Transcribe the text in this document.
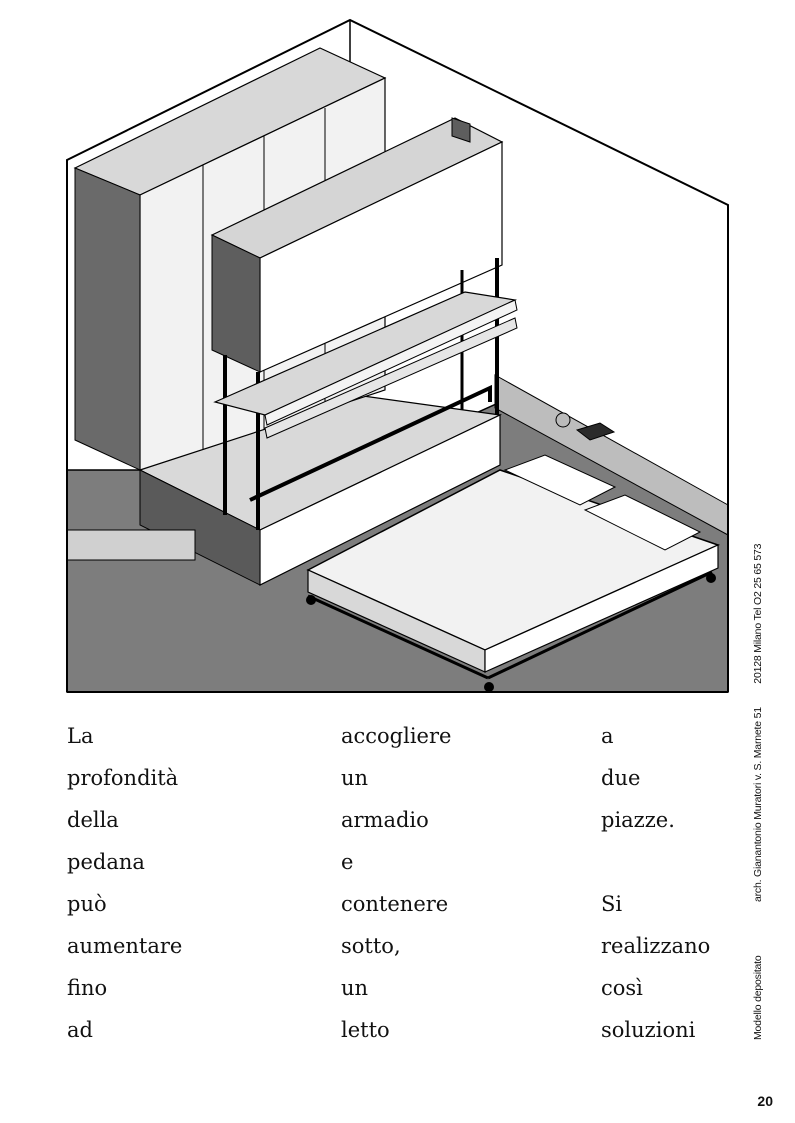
La
profondità
della
pedana
può
aumentare
fino
ad
accogliere
un
armadio
e
contenere
sotto,
un
letto
a
due
piazze.
Si
realizzano
così
soluzioni	Modello depositato  arch. Gianantonio Muratori v. S. Marnete 51  20128 Milano Tel O2 25 65 573
20
